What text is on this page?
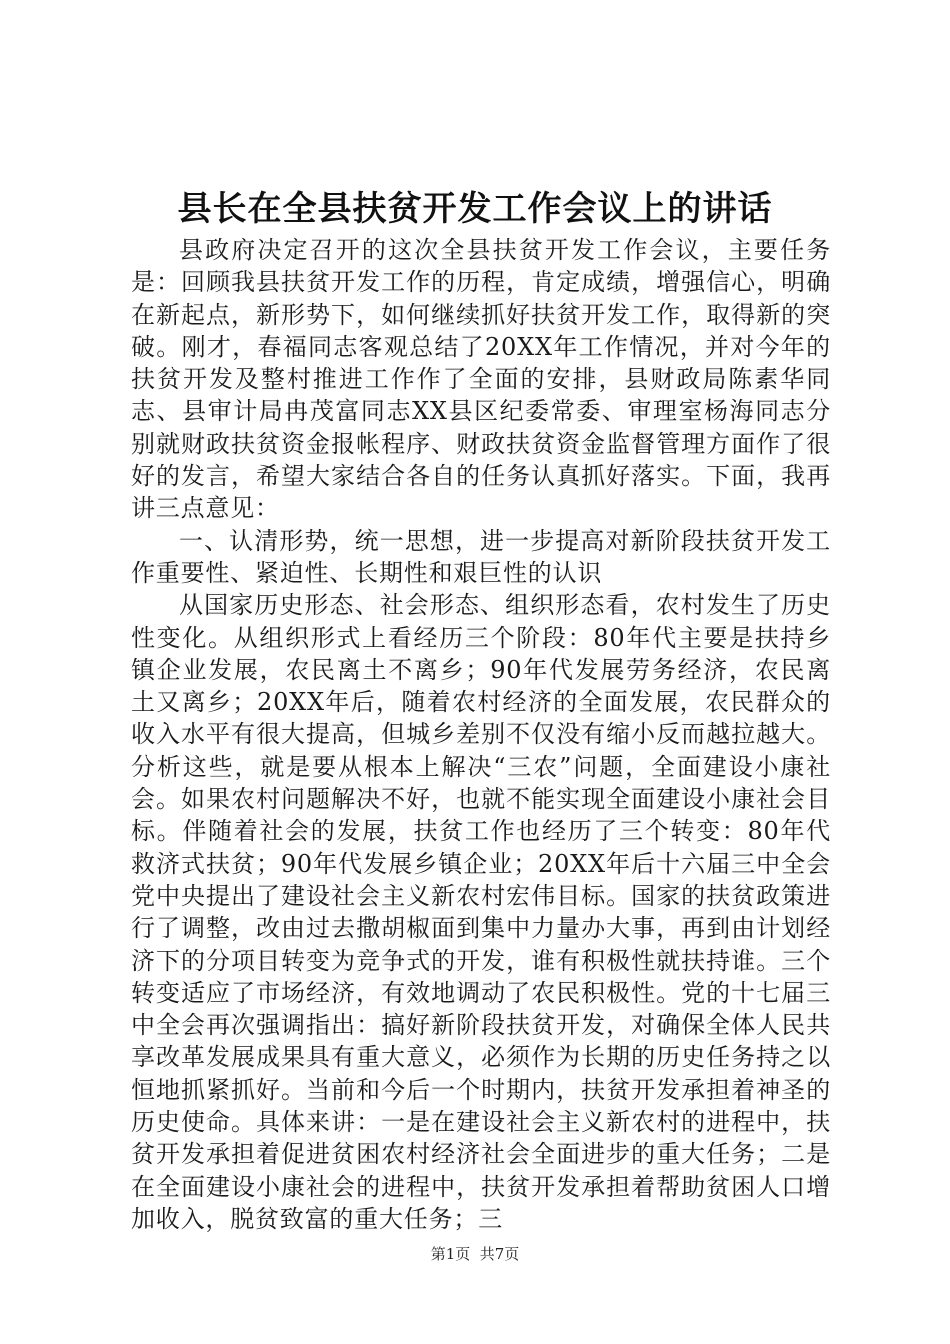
县长在全县扶贫开发工作会议上的讲话

县政府决定召开的这次全县扶贫开发工作会议，主要任务是：回顾我县扶贫开发工作的历程，肯定成绩，增强信心，明确在新起点，新形势下，如何继续抓好扶贫开发工作，取得新的突破。刚才，春福同志客观总结了20XX年工作情况，并对今年的扶贫开发及整村推进工作作了全面的安排，县财政局陈素华同志、县审计局冉茂富同志XX县区纪委常委、审理室杨海同志分别就财政扶贫资金报帐程序、财政扶贫资金监督管理方面作了很好的发言，希望大家结合各自的任务认真抓好落实。下面，我再讲三点意见：

一、认清形势，统一思想，进一步提高对新阶段扶贫开发工作重要性、紧迫性、长期性和艰巨性的认识

从国家历史形态、社会形态、组织形态看，农村发生了历史性变化。从组织形式上看经历三个阶段：80年代主要是扶持乡镇企业发展，农民离土不离乡；90年代发展劳务经济，农民离土又离乡；20XX年后，随着农村经济的全面发展，农民群众的收入水平有很大提高，但城乡差别不仅没有缩小反而越拉越大。分析这些，就是要从根本上解决“三农”问题，全面建设小康社会。如果农村问题解决不好，也就不能实现全面建设小康社会目标。伴随着社会的发展，扶贫工作也经历了三个转变：80年代救济式扶贫；90年代发展乡镇企业；20XX年后十六届三中全会党中央提出了建设社会主义新农村宏伟目标。国家的扶贫政策进行了调整，改由过去撒胡椒面到集中力量办大事，再到由计划经济下的分项目转变为竞争式的开发，谁有积极性就扶持谁。三个转变适应了市场经济，有效地调动了农民积极性。党的十七届三中全会再次强调指出：搞好新阶段扶贫开发，对确保全体人民共享改革发展成果具有重大意义，必须作为长期的历史任务持之以恒地抓紧抓好。当前和今后一个时期内，扶贫开发承担着神圣的历史使命。具体来讲：一是在建设社会主义新农村的进程中，扶贫开发承担着促进贫困农村经济社会全面进步的重大任务；二是在全面建设小康社会的进程中，扶贫开发承担着帮助贫困人口增加收入，脱贫致富的重大任务；三

第1页  共7页
